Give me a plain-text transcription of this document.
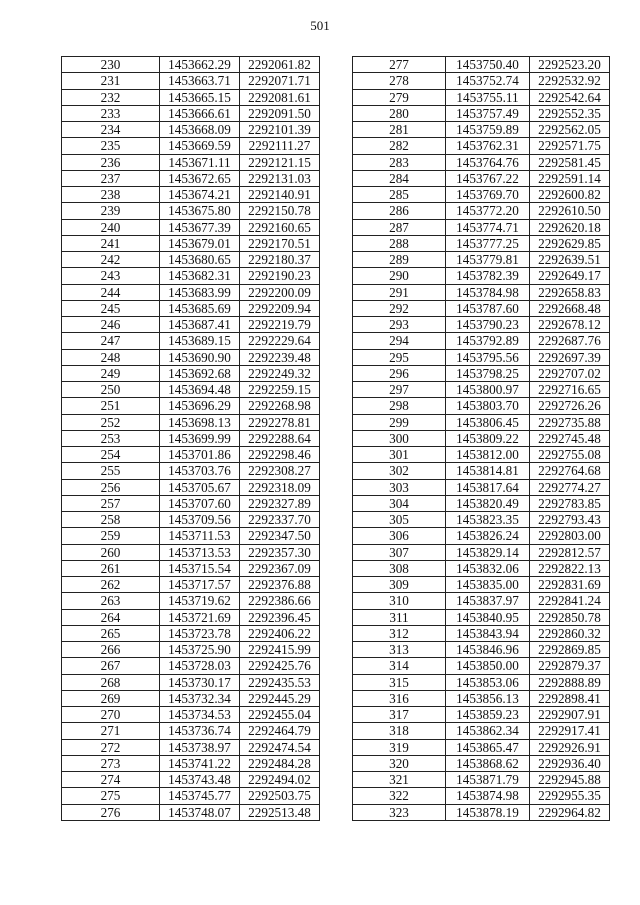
501
230	1453662.29	2292061.82
231	1453663.71	2292071.71
232	1453665.15	2292081.61
233	1453666.61	2292091.50
234	1453668.09	2292101.39
235	1453669.59	2292111.27
236	1453671.11	2292121.15
237	1453672.65	2292131.03
238	1453674.21	2292140.91
239	1453675.80	2292150.78
240	1453677.39	2292160.65
241	1453679.01	2292170.51
242	1453680.65	2292180.37
243	1453682.31	2292190.23
244	1453683.99	2292200.09
245	1453685.69	2292209.94
246	1453687.41	2292219.79
247	1453689.15	2292229.64
248	1453690.90	2292239.48
249	1453692.68	2292249.32
250	1453694.48	2292259.15
251	1453696.29	2292268.98
252	1453698.13	2292278.81
253	1453699.99	2292288.64
254	1453701.86	2292298.46
255	1453703.76	2292308.27
256	1453705.67	2292318.09
257	1453707.60	2292327.89
258	1453709.56	2292337.70
259	1453711.53	2292347.50
260	1453713.53	2292357.30
261	1453715.54	2292367.09
262	1453717.57	2292376.88
263	1453719.62	2292386.66
264	1453721.69	2292396.45
265	1453723.78	2292406.22
266	1453725.90	2292415.99
267	1453728.03	2292425.76
268	1453730.17	2292435.53
269	1453732.34	2292445.29
270	1453734.53	2292455.04
271	1453736.74	2292464.79
272	1453738.97	2292474.54
273	1453741.22	2292484.28
274	1453743.48	2292494.02
275	1453745.77	2292503.75
276	1453748.07	2292513.48
277	1453750.40	2292523.20
278	1453752.74	2292532.92
279	1453755.11	2292542.64
280	1453757.49	2292552.35
281	1453759.89	2292562.05
282	1453762.31	2292571.75
283	1453764.76	2292581.45
284	1453767.22	2292591.14
285	1453769.70	2292600.82
286	1453772.20	2292610.50
287	1453774.71	2292620.18
288	1453777.25	2292629.85
289	1453779.81	2292639.51
290	1453782.39	2292649.17
291	1453784.98	2292658.83
292	1453787.60	2292668.48
293	1453790.23	2292678.12
294	1453792.89	2292687.76
295	1453795.56	2292697.39
296	1453798.25	2292707.02
297	1453800.97	2292716.65
298	1453803.70	2292726.26
299	1453806.45	2292735.88
300	1453809.22	2292745.48
301	1453812.00	2292755.08
302	1453814.81	2292764.68
303	1453817.64	2292774.27
304	1453820.49	2292783.85
305	1453823.35	2292793.43
306	1453826.24	2292803.00
307	1453829.14	2292812.57
308	1453832.06	2292822.13
309	1453835.00	2292831.69
310	1453837.97	2292841.24
311	1453840.95	2292850.78
312	1453843.94	2292860.32
313	1453846.96	2292869.85
314	1453850.00	2292879.37
315	1453853.06	2292888.89
316	1453856.13	2292898.41
317	1453859.23	2292907.91
318	1453862.34	2292917.41
319	1453865.47	2292926.91
320	1453868.62	2292936.40
321	1453871.79	2292945.88
322	1453874.98	2292955.35
323	1453878.19	2292964.82
